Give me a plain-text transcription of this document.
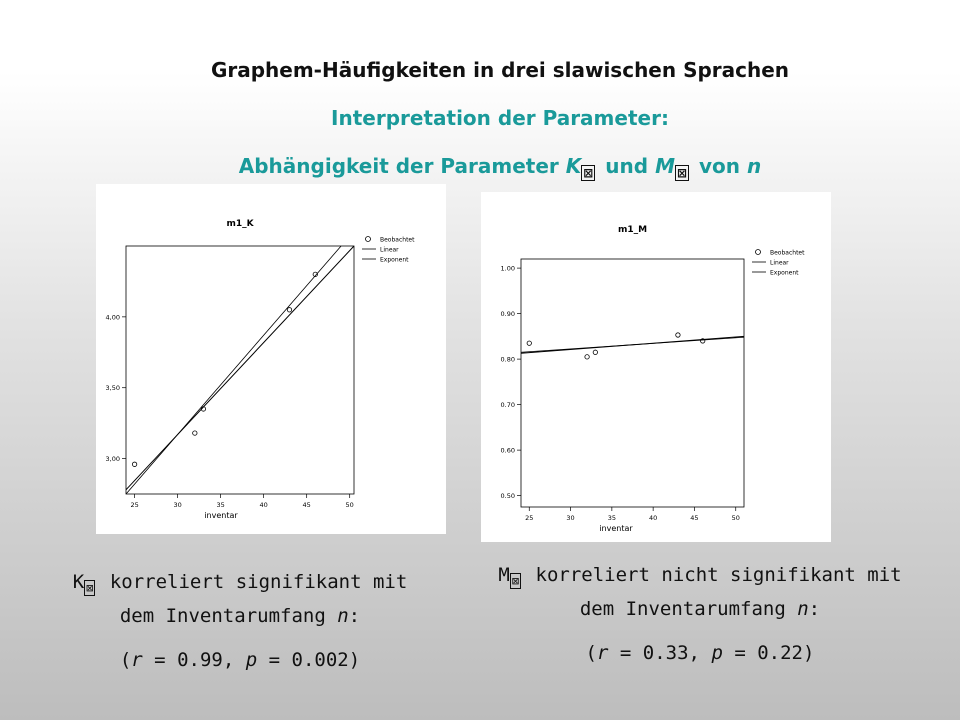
Graphem-Häufigkeiten in drei slawischen Sprachen
Interpretation der Parameter:
Abhängigkeit der Parameter K $_⊠$ und M $_⊠$ von n
m1_K
25	30	35	40	45	50
3,00
3,50
4,00
inventar
Beobachtet
Linear
Exponent
m1_M
25	30	35	40	45	50
0.50
0.60
0.70
0.80
0.90
1.00
inventar
Beobachtet
Linear
Exponent
K $_⊠$ korreliert signifikant mit
dem Inventarumfang n:
(r = 0.99, p = 0.002)
M $_⊠$ korreliert nicht signifikant mit
dem Inventarumfang n:
(r = 0.33, p = 0.22)
